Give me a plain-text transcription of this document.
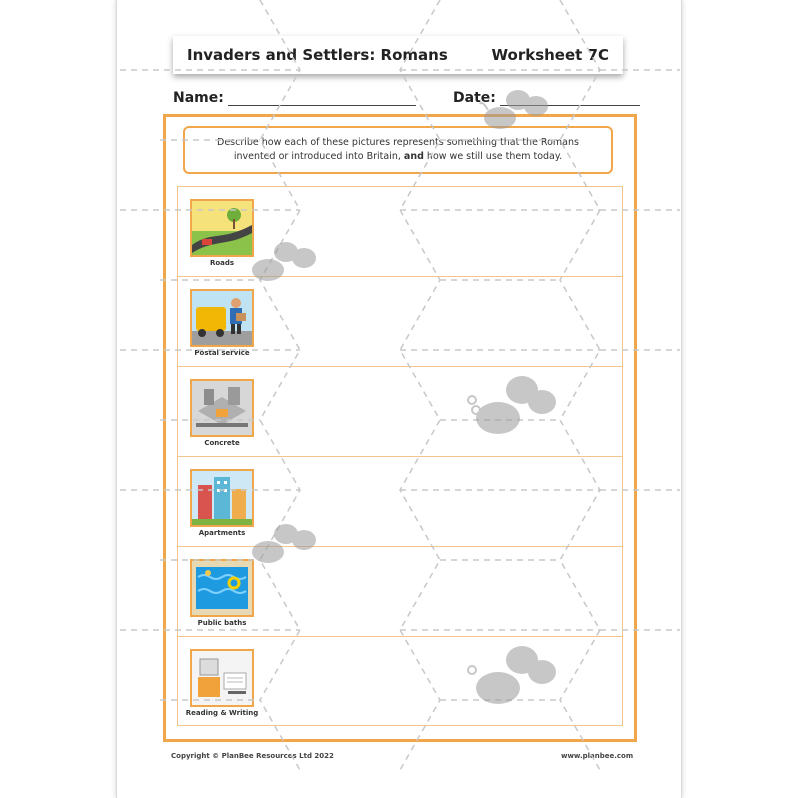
Invaders and Settlers: Romans	Worksheet 7C
Name:	Date:
Describe how each of these pictures represents something that the Romans invented or introduced into Britain, and how we still use them today.
Roads
Postal service
Concrete
Apartments
Public baths
Reading & Writing
Copyright © PlanBee Resources Ltd 2022	www.planbee.com
